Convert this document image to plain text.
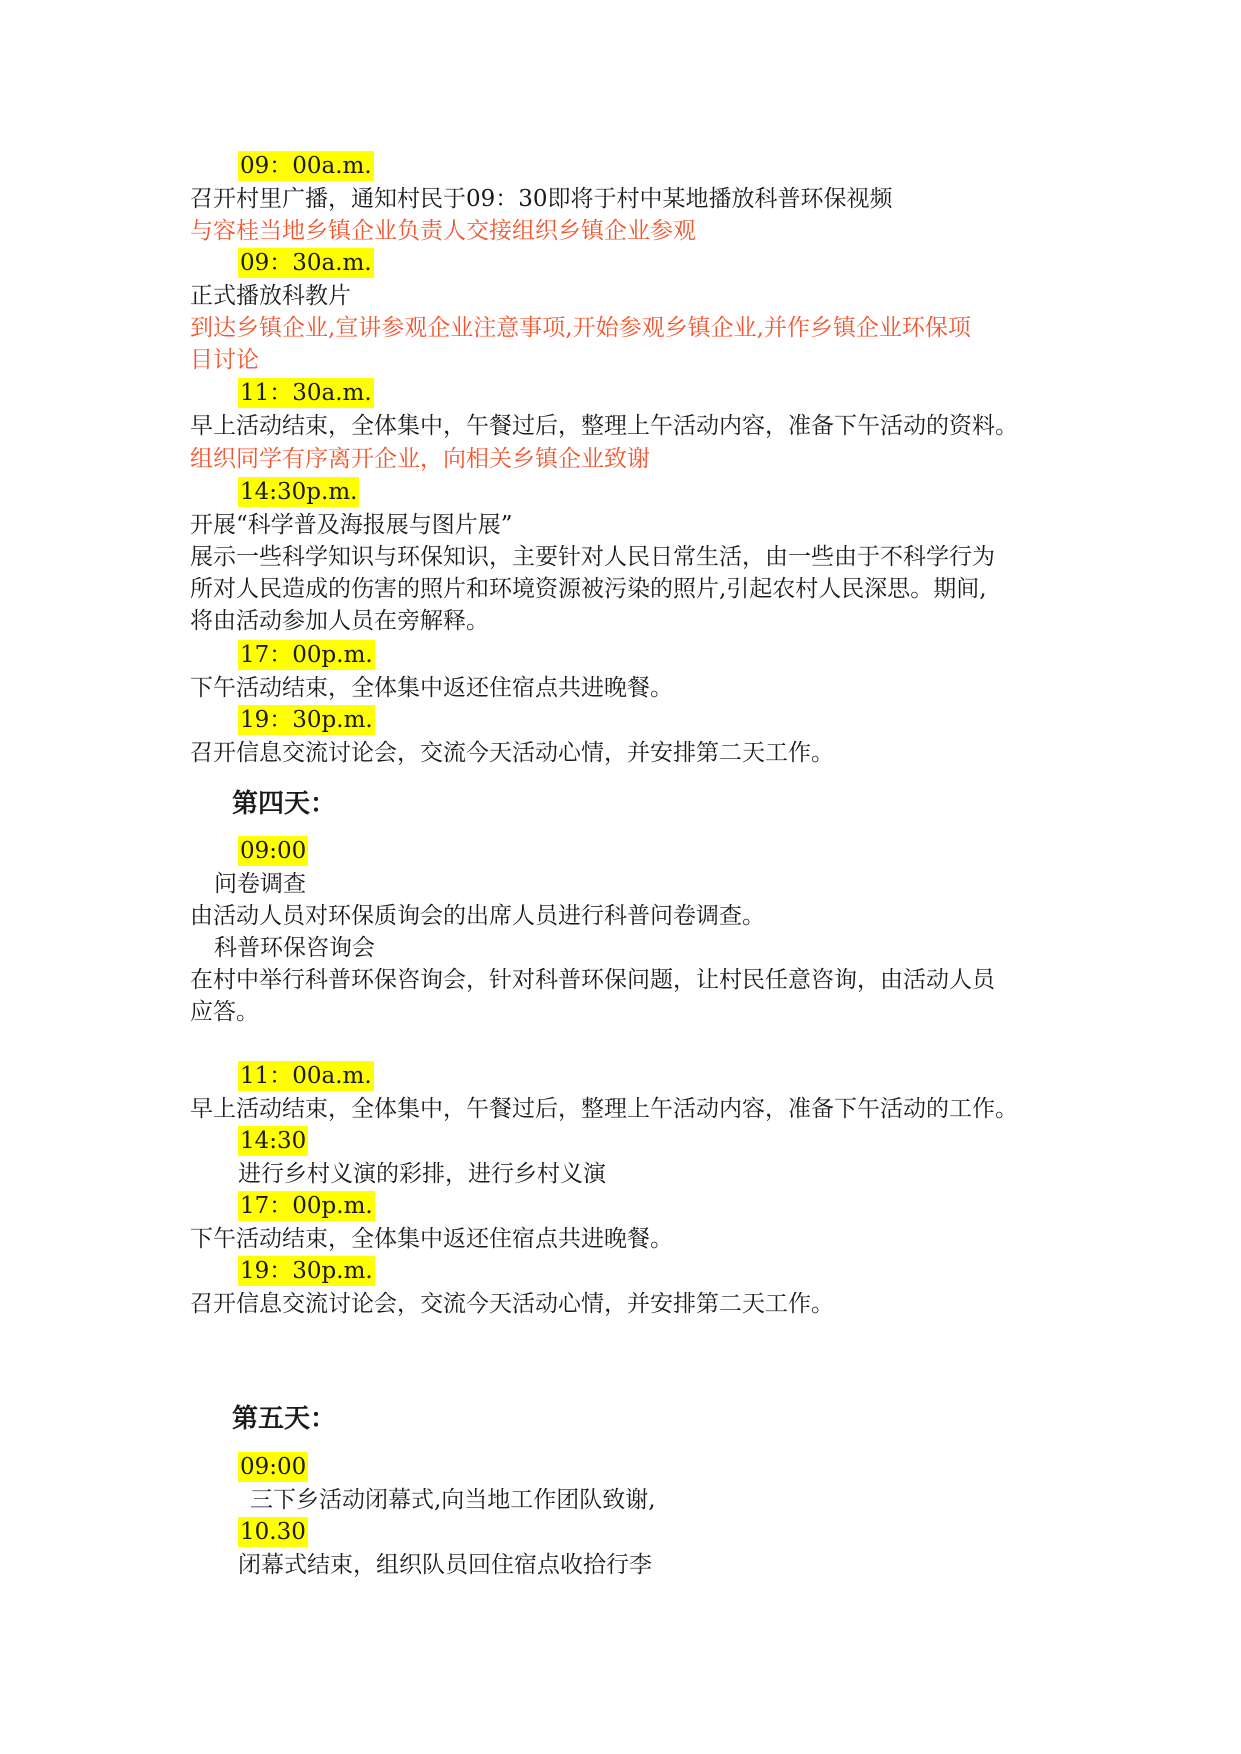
09：00a.m.
召开村里广播，通知村民于09：30即将于村中某地播放科普环保视频
与容桂当地乡镇企业负责人交接组织乡镇企业参观
09：30a.m.
正式播放科教片
到达乡镇企业,宣讲参观企业注意事项,开始参观乡镇企业,并作乡镇企业环保项
目讨论
11：30a.m.
早上活动结束，全体集中，午餐过后，整理上午活动内容，准备下午活动的资料。
组织同学有序离开企业，向相关乡镇企业致谢
14:30p.m.
开展“科学普及海报展与图片展”
展示一些科学知识与环保知识，主要针对人民日常生活，由一些由于不科学行为
所对人民造成的伤害的照片和环境资源被污染的照片,引起农村人民深思。期间,
将由活动参加人员在旁解释。
17：00p.m.
下午活动结束，全体集中返还住宿点共进晚餐。
19：30p.m.
召开信息交流讨论会，交流今天活动心情，并安排第二天工作。
第四天：
09:00
问卷调查
由活动人员对环保质询会的出席人员进行科普问卷调查。
科普环保咨询会
在村中举行科普环保咨询会，针对科普环保问题，让村民任意咨询，由活动人员
应答。
11：00a.m.
早上活动结束，全体集中，午餐过后，整理上午活动内容，准备下午活动的工作。
14:30
进行乡村义演的彩排，进行乡村义演
17：00p.m.
下午活动结束，全体集中返还住宿点共进晚餐。
19：30p.m.
召开信息交流讨论会，交流今天活动心情，并安排第二天工作。
第五天：
09:00
三下乡活动闭幕式,向当地工作团队致谢,
10.30
闭幕式结束，组织队员回住宿点收拾行李
